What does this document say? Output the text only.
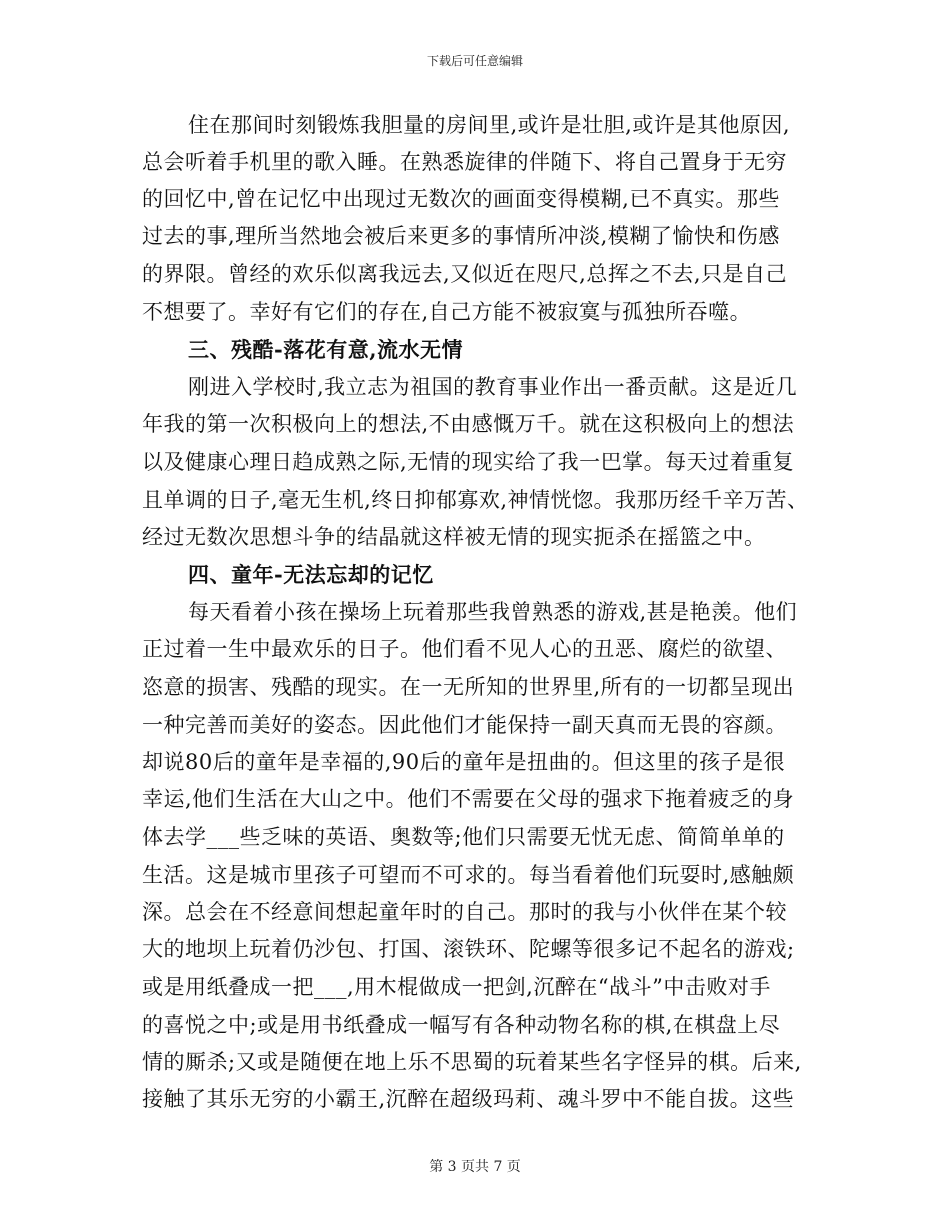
下载后可任意编辑
住在那间时刻锻炼我胆量的房间里,或许是壮胆,或许是其他原因,
总会听着手机里的歌入睡。在熟悉旋律的伴随下、将自己置身于无穷
的回忆中,曾在记忆中出现过无数次的画面变得模糊,已不真实。那些
过去的事,理所当然地会被后来更多的事情所冲淡,模糊了愉快和伤感
的界限。曾经的欢乐似离我远去,又似近在咫尺,总挥之不去,只是自己
不想要了。幸好有它们的存在,自己方能不被寂寞与孤独所吞噬。
三、残酷-落花有意,流水无情
刚进入学校时,我立志为祖国的教育事业作出一番贡献。这是近几
年我的第一次积极向上的想法,不由感慨万千。就在这积极向上的想法
以及健康心理日趋成熟之际,无情的现实给了我一巴掌。每天过着重复
且单调的日子,毫无生机,终日抑郁寡欢,神情恍惚。我那历经千辛万苦、
经过无数次思想斗争的结晶就这样被无情的现实扼杀在摇篮之中。
四、童年-无法忘却的记忆
每天看着小孩在操场上玩着那些我曾熟悉的游戏,甚是艳羡。他们
正过着一生中最欢乐的日子。他们看不见人心的丑恶、腐烂的欲望、
恣意的损害、残酷的现实。在一无所知的世界里,所有的一切都呈现出
一种完善而美好的姿态。因此他们才能保持一副天真而无畏的容颜。
却说80后的童年是幸福的,90后的童年是扭曲的。但这里的孩子是很
幸运,他们生活在大山之中。他们不需要在父母的强求下拖着疲乏的身
体去学___些乏味的英语、奥数等;他们只需要无忧无虑、简简单单的
生活。这是城市里孩子可望而不可求的。每当看着他们玩耍时,感触颇
深。总会在不经意间想起童年时的自己。那时的我与小伙伴在某个较
大的地坝上玩着仍沙包、打国、滚铁环、陀螺等很多记不起名的游戏;
或是用纸叠成一把___,用木棍做成一把剑,沉醉在“战斗”中击败对手
的喜悦之中;或是用书纸叠成一幅写有各种动物名称的棋,在棋盘上尽
情的厮杀;又或是随便在地上乐不思蜀的玩着某些名字怪异的棋。后来,
接触了其乐无穷的小霸王,沉醉在超级玛莉、魂斗罗中不能自拔。这些
第 3 页共 7 页
